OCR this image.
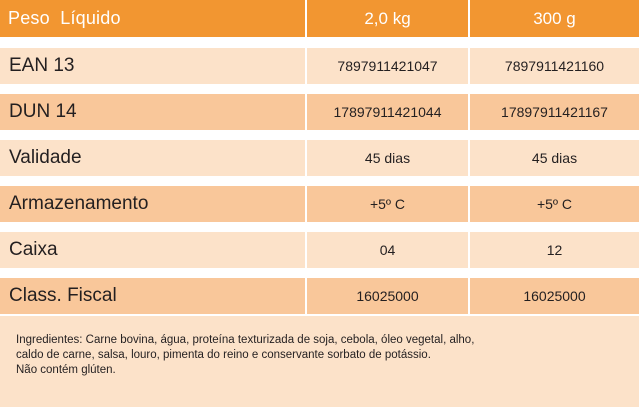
Peso  Líquido	2,0 kg	300 g
EAN 13	7897911421047	7897911421160
DUN 14	17897911421044	17897911421167
Validade	45 dias	45 dias
Armazenamento	+5º C	+5º C
Caixa	04	12
Class. Fiscal	16025000	16025000

Ingredientes: Carne bovina, água, proteína texturizada de soja, cebola, óleo vegetal, alho,

caldo de carne, salsa, louro, pimenta do reino e conservante sorbato de potássio.

Não contém glúten.
